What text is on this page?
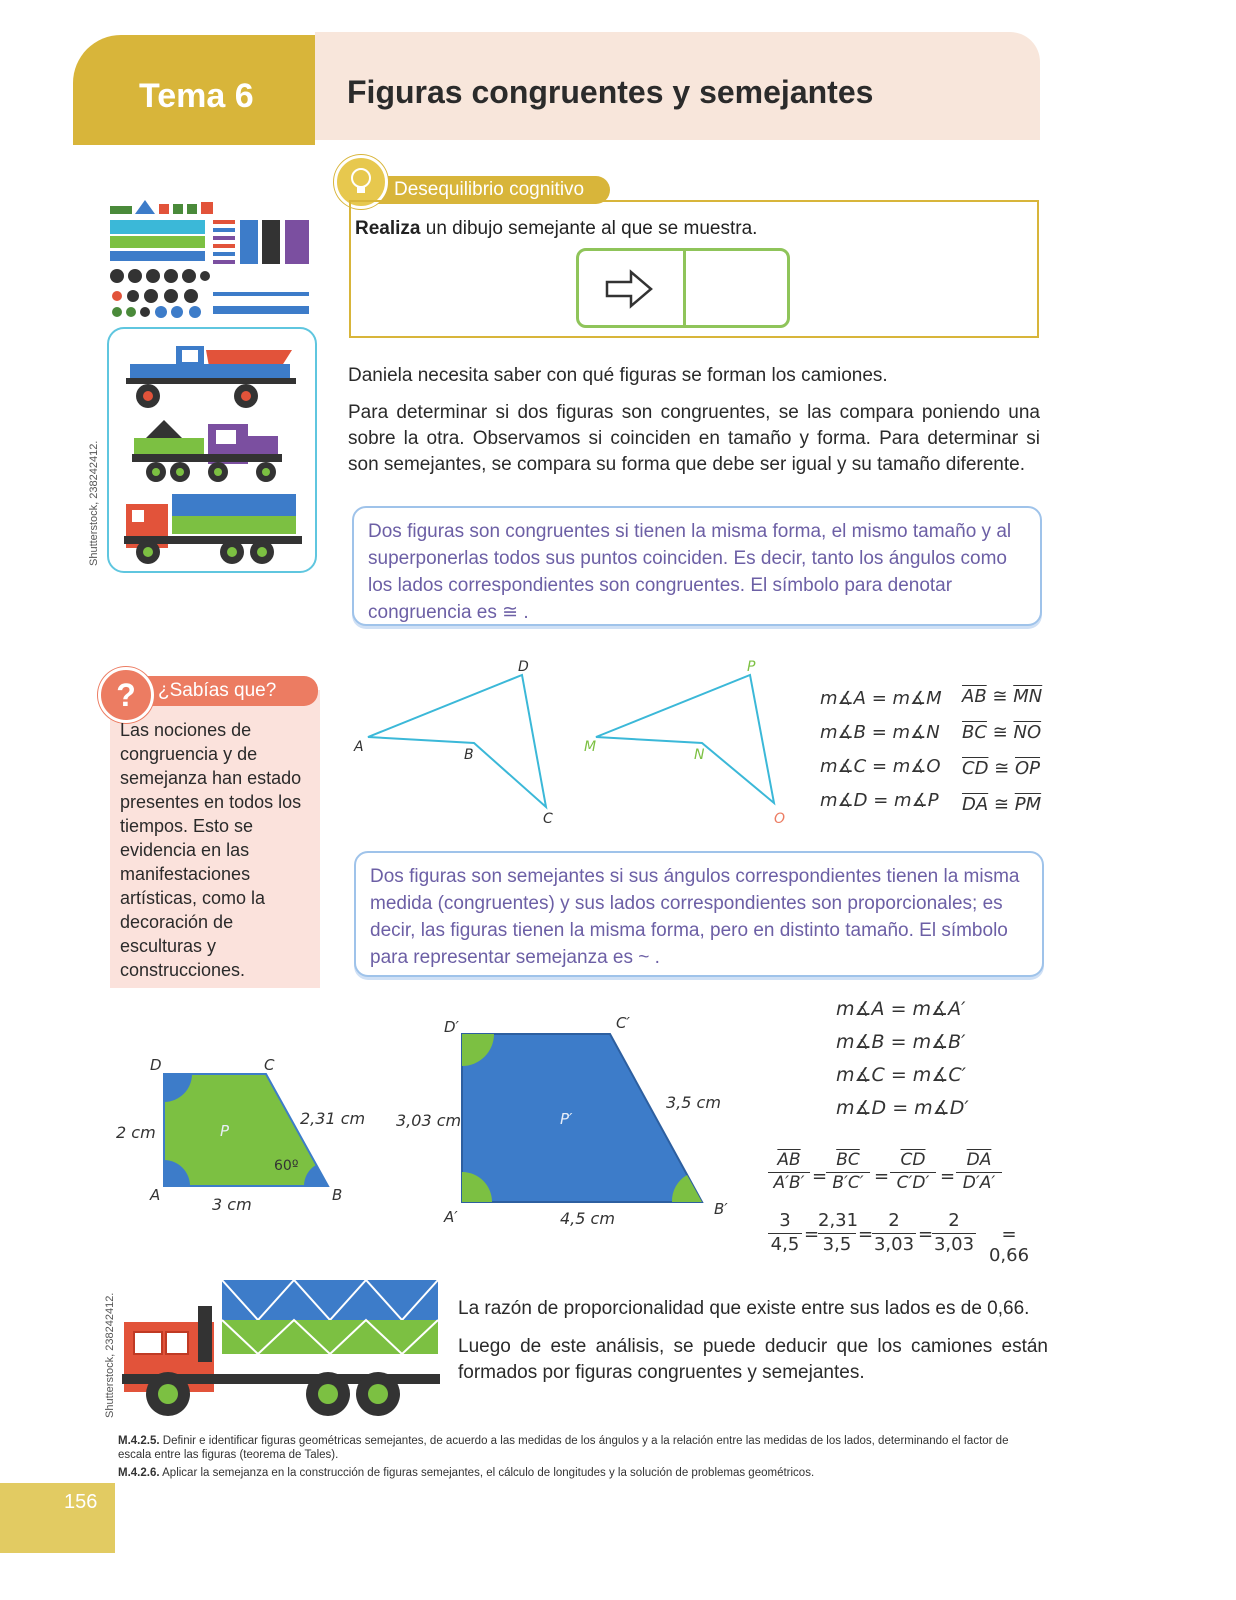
Tema 6	Figuras congruentes y semejantes
Shutterstock, 238242412.
Desequilibrio cognitivo
Realiza un dibujo semejante al que se muestra.
Daniela necesita saber con qué figuras se forman los camiones.
Para determinar si dos figuras son congruentes, se las compara poniendo una sobre la otra. Observamos si coinciden en tamaño y forma. Para determinar si son semejantes, se compara su forma que debe ser igual y su tamaño diferente.

Dos figuras son congruentes si tienen la misma forma, el mismo tamaño y al superponerlas todos sus puntos coinciden. Es decir, tanto los ángulos como los lados correspondientes son congruentes. El símbolo para denotar congruencia es ≅ .

¿Sabías que?
?
Las nociones de congruencia y de semejanza han estado presentes en todos los tiempos. Esto se evidencia en las manifestaciones artísticas, como la decoración de esculturas y construcciones.
A	B
C
D
M	N
O
P
m∡A = m∡M
m∡B = m∡N
m∡C = m∡O
m∡D = m∡P
$\overline{AB}$ ≅ $\overline{MN}$
$\overline{BC}$ ≅ $\overline{NO}$
$\overline{CD}$ ≅ $\overline{OP}$
$\overline{DA}$ ≅ $\overline{PM}$

Dos figuras son semejantes si sus ángulos correspondientes tienen la misma medida (congruentes) y sus lados correspondientes son proporcionales; es decir, las figuras tienen la misma forma, pero en distinto tamaño. El símbolo para representar semejanza es ~ .

D	C
A	B
P
2 cm
2,31 cm
3 cm
60º
D′	C′
A′	B′
P′
3,03 cm
3,5 cm
4,5 cm
m∡A = m∡A′
m∡B = m∡B′
m∡C = m∡C′
m∡D = m∡D′
$\frac{\overline{AB}}{A'B'}$ =
$\frac{\overline{BC}}{B'C'} = \frac{\overline{CD}}{C'D'} = \frac{\overline{DA}}{D'A'}$
3
4,5 =
2,31
3,5 =
2
3,03 =
2
3,03	= 0,66
Shutterstock, 238242412.	La razón de proporcionalidad que existe entre sus lados es de 0,66.
Luego de este análisis, se puede deducir que los camiones están formados por figuras congruentes y semejantes.
M.4.2.5. Definir e identificar figuras geométricas semejantes, de acuerdo a las medidas de los ángulos y a la relación entre las medidas de los lados, determinando el factor de escala entre las figuras (teorema de Tales).
M.4.2.6. Aplicar la semejanza en la construcción de figuras semejantes, el cálculo de longitudes y la solución de problemas geométricos.
156
